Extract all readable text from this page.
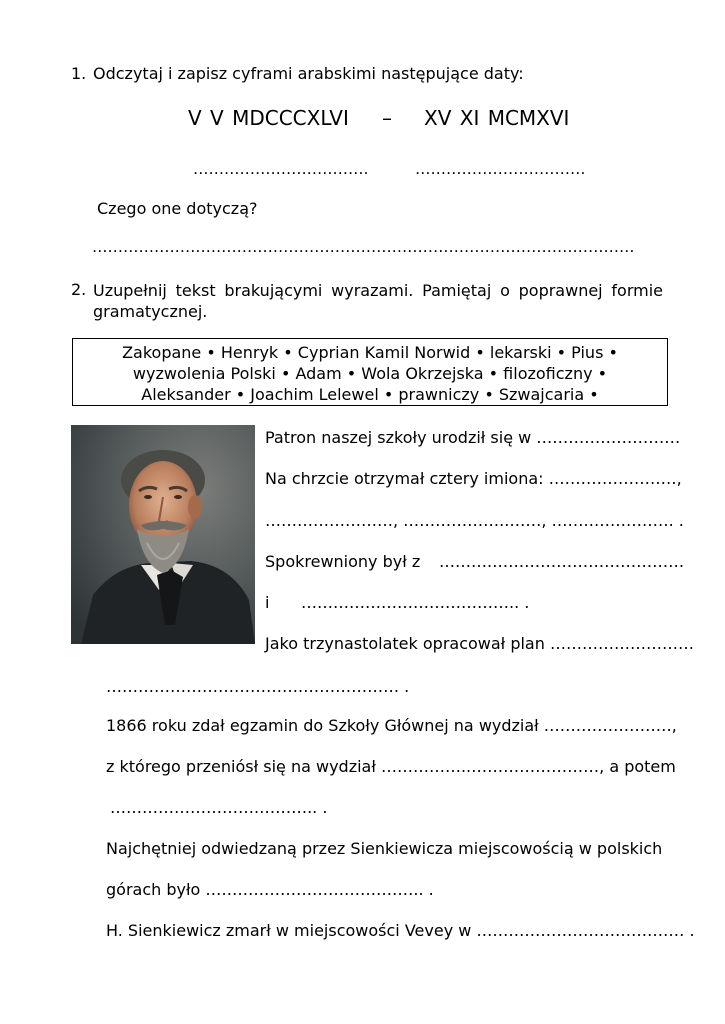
1. Odczytaj i zapisz cyframi arabskimi następujące daty:
V V MDCCCXLVI – XV XI MCMXVI
…………………………….	……………………………
Czego one dotyczą?
……………………………………………………………………………………………
2. Uzupełnij tekst brakującymi wyrazami. Pamiętaj o poprawnej formie gramatycznej.
Zakopane • Henryk • Cyprian Kamil Norwid • lekarski • Pius •
wyzwolenia Polski • Adam • Wola Okrzejska • filozoficzny •
Aleksander • Joachim Lelewel • prawniczy • Szwajcaria •
Patron naszej szkoły urodził się w ………………………
Na chrzcie otrzymał cztery imiona: ……………………,
……………………, ………………..……, …….……………. .
Spokrewniony był z ……….………………………………
i ………………………………….. .
Jako trzynastolatek opracował plan ………………………
……………………………….……………… .
1866 roku zdał egzamin do Szkoły Głównej na wydział ……………………,
z którego przeniósł się na wydział ……………..……………………, a potem
……………………….……….. .
Najchętniej odwiedzaną przez Sienkiewicza miejscowością w polskich
górach było ………………………………….. .
H. Sienkiewicz zmarł w miejscowości Vevey w ………………………………… .
